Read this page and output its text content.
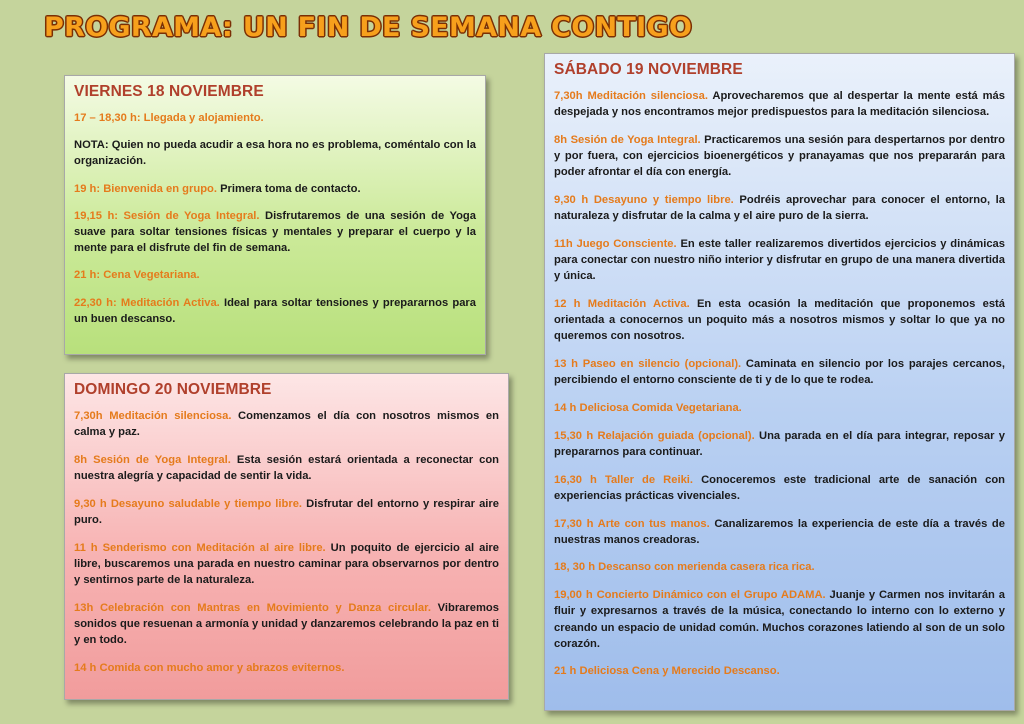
PROGRAMA: UN FIN DE SEMANA CONTIGO
VIERNES 18 NOVIEMBRE

17 – 18,30 h: Llegada y alojamiento.

NOTA: Quien no pueda acudir a esa hora no es problema, coméntalo con la organización.

19 h: Bienvenida en grupo. Primera toma de contacto.

19,15 h: Sesión de Yoga Integral. Disfrutaremos de una sesión de Yoga suave para soltar tensiones físicas y mentales y preparar el cuerpo y la mente para el disfrute del fin de semana.

21 h: Cena Vegetariana.

22,30 h: Meditación Activa. Ideal para soltar tensiones y prepararnos para un buen descanso.

DOMINGO 20 NOVIEMBRE

7,30h Meditación silenciosa. Comenzamos el día con nosotros mismos en calma y paz.

8h Sesión de Yoga Integral. Esta sesión estará orientada a reconectar con nuestra alegría y capacidad de sentir la vida.

9,30 h Desayuno saludable y tiempo libre. Disfrutar del entorno y respirar aire puro.

11 h Senderismo con Meditación al aire libre. Un poquito de ejercicio al aire libre, buscaremos una parada en nuestro caminar para observarnos por dentro y sentirnos parte de la naturaleza.

13h Celebración con Mantras en Movimiento y Danza circular. Vibraremos sonidos que resuenan a armonía y unidad y danzaremos celebrando la paz en ti y en todo.

14 h Comida con mucho amor y abrazos eviternos.

SÁBADO 19 NOVIEMBRE

7,30h Meditación silenciosa. Aprovecharemos que al despertar la mente está más despejada y nos encontramos mejor predispuestos para la meditación silenciosa.

8h Sesión de Yoga Integral. Practicaremos una sesión para despertarnos por dentro y por fuera, con ejercicios bioenergéticos y pranayamas que nos prepararán para poder afrontar el día con energía.

9,30 h Desayuno y tiempo libre. Podréis aprovechar para conocer el entorno, la naturaleza y disfrutar de la calma y el aire puro de la sierra.

11h Juego Consciente. En este taller realizaremos divertidos ejercicios y dinámicas para conectar con nuestro niño interior y disfrutar en grupo de una manera divertida y única.

12 h Meditación Activa. En esta ocasión la meditación que proponemos está orientada a conocernos un poquito más a nosotros mismos y soltar lo que ya no queremos con nosotros.

13 h Paseo en silencio (opcional). Caminata en silencio por los parajes cercanos, percibiendo el entorno consciente de ti y de lo que te rodea.

14 h Deliciosa Comida Vegetariana.

15,30 h Relajación guiada (opcional). Una parada en el día para integrar, reposar y prepararnos para continuar.

16,30 h Taller de Reiki. Conoceremos este tradicional arte de sanación con experiencias prácticas vivenciales.

17,30 h Arte con tus manos. Canalizaremos la experiencia de este día a través de nuestras manos creadoras.

18, 30 h Descanso con merienda casera rica rica.

19,00 h Concierto Dinámico con el Grupo ADAMA. Juanje y Carmen nos invitarán a fluir y expresarnos a través de la música, conectando lo interno con lo externo y creando un espacio de unidad común. Muchos corazones latiendo al son de un solo corazón.

21 h Deliciosa Cena y Merecido Descanso.
